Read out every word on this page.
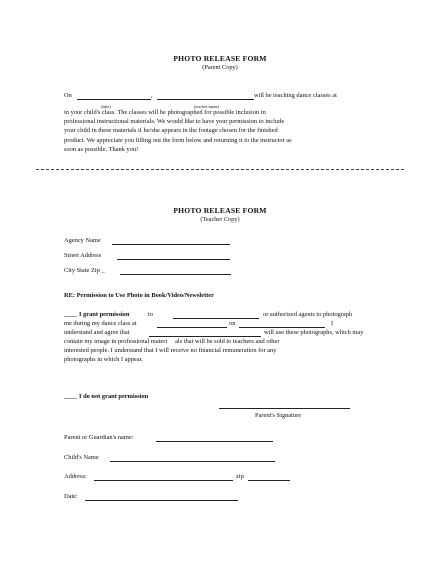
PHOTO RELEASE FORM
(Parent Copy)
On	,	will be teaching dance classes at
(date)	(teacher name)
in your child's class. The classes will be photographed for possible inclusion in
professional instructional materials. We would like to have your permission to include
your child in these materials if he/she appears in the footage chosen for the finished
product. We appreciate you filling out the form below and returning it to the instructor as
soon as possible. Thank you!
PHOTO RELEASE FORM
(Teacher Copy)
Agency Name
Street Address
City State Zip _
RE: Permission to Use Photo in Book/Video/Newsletter
____ I grant permission	to	or authorized agents to photograph
me during my dance class at	on	I
understand and agree that	will use these photographs, which may
contain my image in professional materi     als that will be sold to teachers and other
interested people. I understand that I will receive no financial remuneration for any
photographs in which I appear.
____ I do not grant permission
Parent's Signature
Parent or Guardian's name:
Child's Name
Address:	zip
Date:
